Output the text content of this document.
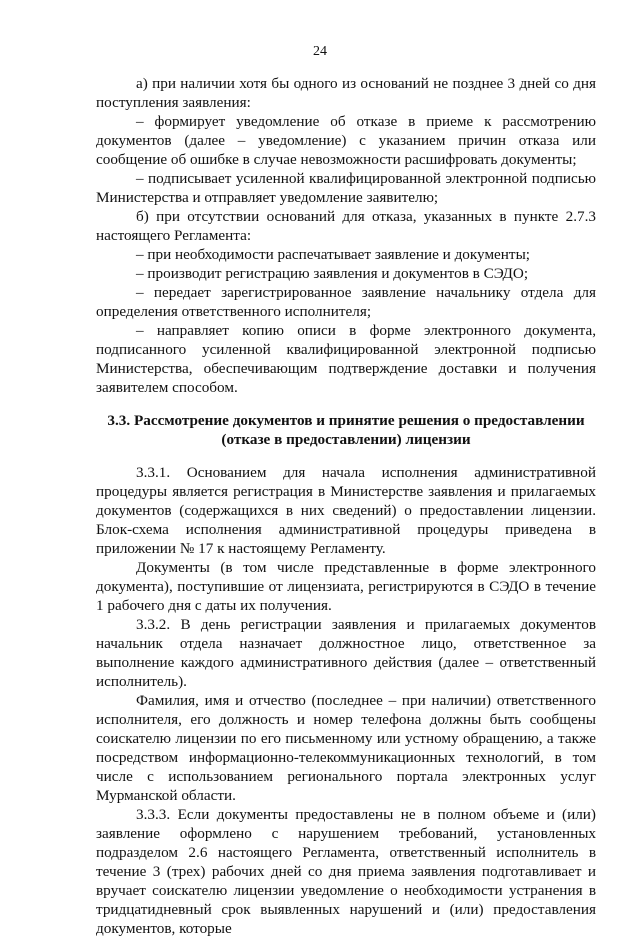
24

а) при наличии хотя бы одного из оснований не позднее 3 дней со дня поступления заявления:

– формирует уведомление об отказе в приеме к рассмотрению документов (далее – уведомление) с указанием причин отказа или сообщение об ошибке в случае невозможности расшифровать документы;

– подписывает усиленной квалифицированной электронной подписью Министерства и отправляет уведомление заявителю;

б) при отсутствии оснований для отказа, указанных в пункте 2.7.3 настоящего Регламента:

– при необходимости распечатывает заявление и документы;

– производит регистрацию заявления и документов в СЭДО;

– передает зарегистрированное заявление начальнику отдела для определения ответственного исполнителя;

– направляет копию описи в форме электронного документа, подписанного усиленной квалифицированной электронной подписью Министерства, обеспечивающим подтверждение доставки и получения заявителем способом.

3.3. Рассмотрение документов и принятие решения о предоставлении (отказе в предоставлении) лицензии

3.3.1. Основанием для начала исполнения административной процедуры является регистрация в Министерстве заявления и прилагаемых документов (содержащихся в них сведений) о предоставлении лицензии. Блок-схема исполнения административной процедуры приведена в приложении № 17 к настоящему Регламенту.

Документы (в том числе представленные в форме электронного документа), поступившие от лицензиата, регистрируются в СЭДО в течение 1 рабочего дня с даты их получения.

3.3.2. В день регистрации заявления и прилагаемых документов начальник отдела назначает должностное лицо, ответственное за выполнение каждого административного действия (далее – ответственный исполнитель).

Фамилия, имя и отчество (последнее – при наличии) ответственного исполнителя, его должность и номер телефона должны быть сообщены соискателю лицензии по его письменному или устному обращению, а также посредством информационно-телекоммуникационных технологий, в том числе с использованием регионального портала электронных услуг Мурманской области.

3.3.3. Если документы предоставлены не в полном объеме и (или) заявление оформлено с нарушением требований, установленных подразделом 2.6 настоящего Регламента, ответственный исполнитель в течение 3 (трех) рабочих дней со дня приема заявления подготавливает и вручает соискателю лицензии уведомление о необходимости устранения в тридцатидневный срок выявленных нарушений и (или) предоставления документов, которые
